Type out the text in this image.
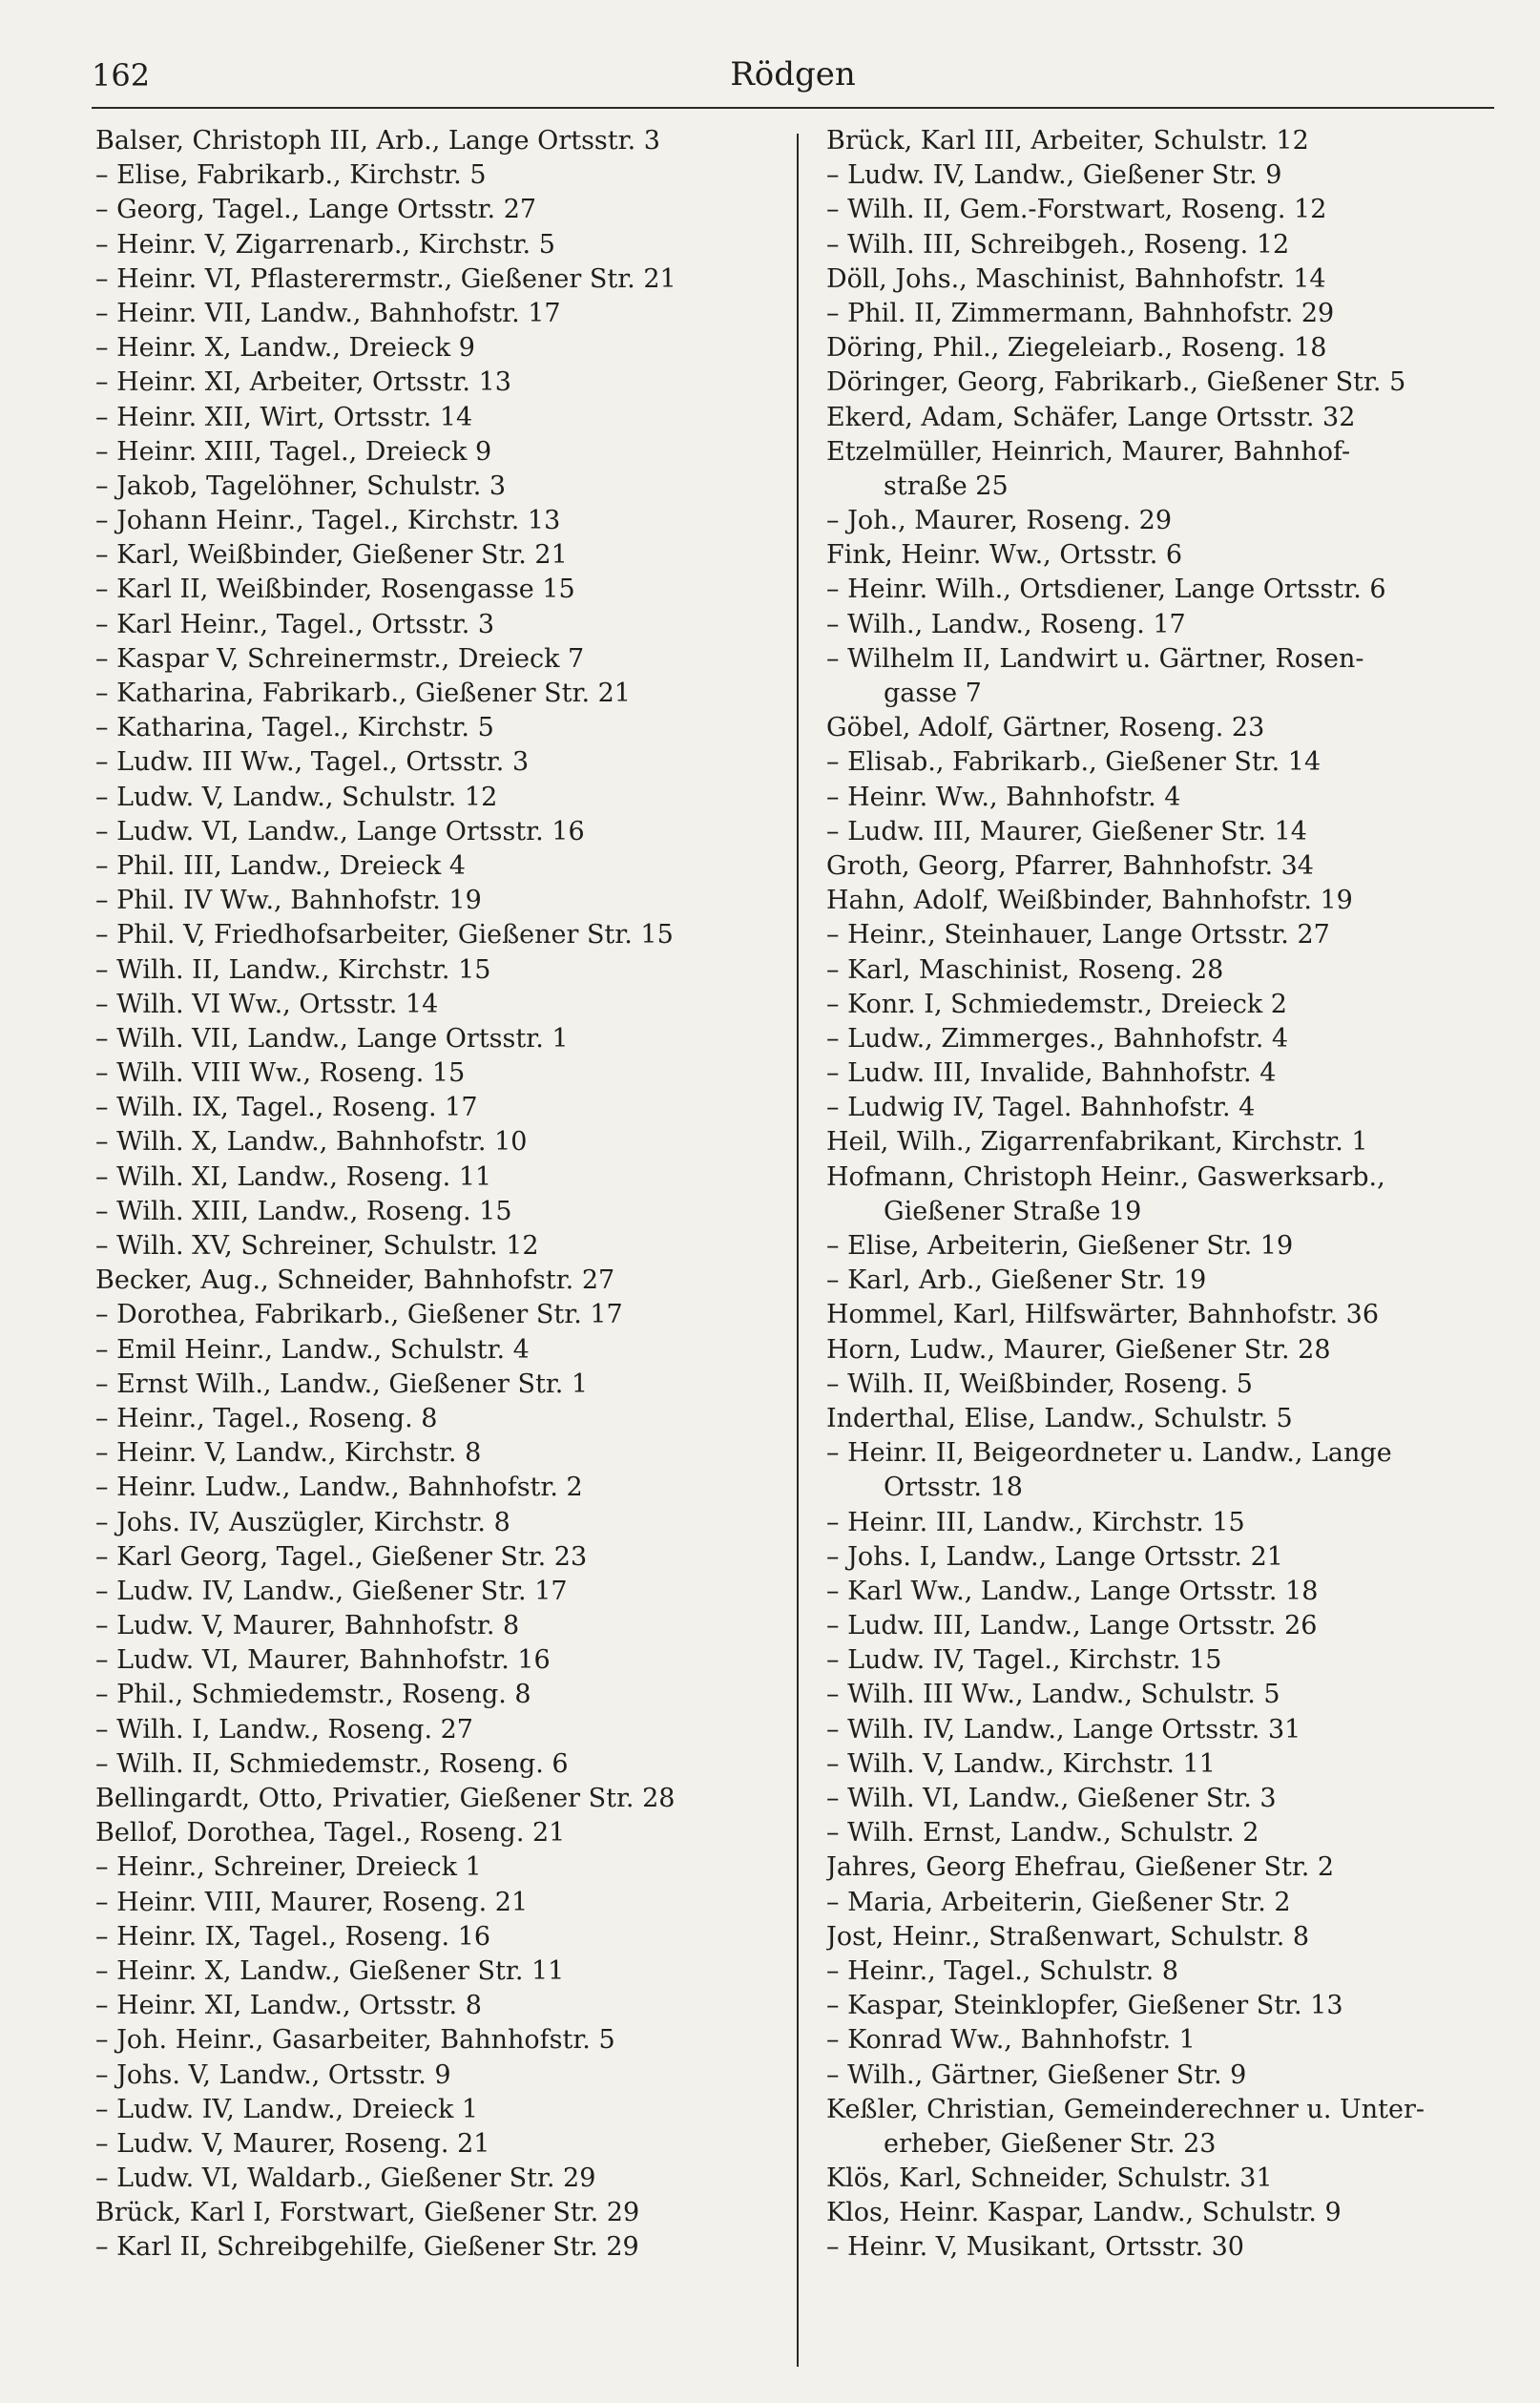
162	Rödgen
Balser, Christoph III, Arb., Lange Ortsstr. 3
– Elise, Fabrikarb., Kirchstr. 5
– Georg, Tagel., Lange Ortsstr. 27
– Heinr. V, Zigarrenarb., Kirchstr. 5
– Heinr. VI, Pflasterermstr., Gießener Str. 21
– Heinr. VII, Landw., Bahnhofstr. 17
– Heinr. X, Landw., Dreieck 9
– Heinr. XI, Arbeiter, Ortsstr. 13
– Heinr. XII, Wirt, Ortsstr. 14
– Heinr. XIII, Tagel., Dreieck 9
– Jakob, Tagelöhner, Schulstr. 3
– Johann Heinr., Tagel., Kirchstr. 13
– Karl, Weißbinder, Gießener Str. 21
– Karl II, Weißbinder, Rosengasse 15
– Karl Heinr., Tagel., Ortsstr. 3
– Kaspar V, Schreinermstr., Dreieck 7
– Katharina, Fabrikarb., Gießener Str. 21
– Katharina, Tagel., Kirchstr. 5
– Ludw. III Ww., Tagel., Ortsstr. 3
– Ludw. V, Landw., Schulstr. 12
– Ludw. VI, Landw., Lange Ortsstr. 16
– Phil. III, Landw., Dreieck 4
– Phil. IV Ww., Bahnhofstr. 19
– Phil. V, Friedhofsarbeiter, Gießener Str. 15
– Wilh. II, Landw., Kirchstr. 15
– Wilh. VI Ww., Ortsstr. 14
– Wilh. VII, Landw., Lange Ortsstr. 1
– Wilh. VIII Ww., Roseng. 15
– Wilh. IX, Tagel., Roseng. 17
– Wilh. X, Landw., Bahnhofstr. 10
– Wilh. XI, Landw., Roseng. 11
– Wilh. XIII, Landw., Roseng. 15
– Wilh. XV, Schreiner, Schulstr. 12
Becker, Aug., Schneider, Bahnhofstr. 27
– Dorothea, Fabrikarb., Gießener Str. 17
– Emil Heinr., Landw., Schulstr. 4
– Ernst Wilh., Landw., Gießener Str. 1
– Heinr., Tagel., Roseng. 8
– Heinr. V, Landw., Kirchstr. 8
– Heinr. Ludw., Landw., Bahnhofstr. 2
– Johs. IV, Auszügler, Kirchstr. 8
– Karl Georg, Tagel., Gießener Str. 23
– Ludw. IV, Landw., Gießener Str. 17
– Ludw. V, Maurer, Bahnhofstr. 8
– Ludw. VI, Maurer, Bahnhofstr. 16
– Phil., Schmiedemstr., Roseng. 8
– Wilh. I, Landw., Roseng. 27
– Wilh. II, Schmiedemstr., Roseng. 6
Bellingardt, Otto, Privatier, Gießener Str. 28
Bellof, Dorothea, Tagel., Roseng. 21
– Heinr., Schreiner, Dreieck 1
– Heinr. VIII, Maurer, Roseng. 21
– Heinr. IX, Tagel., Roseng. 16
– Heinr. X, Landw., Gießener Str. 11
– Heinr. XI, Landw., Ortsstr. 8
– Joh. Heinr., Gasarbeiter, Bahnhofstr. 5
– Johs. V, Landw., Ortsstr. 9
– Ludw. IV, Landw., Dreieck 1
– Ludw. V, Maurer, Roseng. 21
– Ludw. VI, Waldarb., Gießener Str. 29
Brück, Karl I, Forstwart, Gießener Str. 29
– Karl II, Schreibgehilfe, Gießener Str. 29
Brück, Karl III, Arbeiter, Schulstr. 12
– Ludw. IV, Landw., Gießener Str. 9
– Wilh. II, Gem.-Forstwart, Roseng. 12
– Wilh. III, Schreibgeh., Roseng. 12
Döll, Johs., Maschinist, Bahnhofstr. 14
– Phil. II, Zimmermann, Bahnhofstr. 29
Döring, Phil., Ziegeleiarb., Roseng. 18
Döringer, Georg, Fabrikarb., Gießener Str. 5
Ekerd, Adam, Schäfer, Lange Ortsstr. 32
Etzelmüller, Heinrich, Maurer, Bahnhof-
straße 25
– Joh., Maurer, Roseng. 29
Fink, Heinr. Ww., Ortsstr. 6
– Heinr. Wilh., Ortsdiener, Lange Ortsstr. 6
– Wilh., Landw., Roseng. 17
– Wilhelm II, Landwirt u. Gärtner, Rosen-
gasse 7
Göbel, Adolf, Gärtner, Roseng. 23
– Elisab., Fabrikarb., Gießener Str. 14
– Heinr. Ww., Bahnhofstr. 4
– Ludw. III, Maurer, Gießener Str. 14
Groth, Georg, Pfarrer, Bahnhofstr. 34
Hahn, Adolf, Weißbinder, Bahnhofstr. 19
– Heinr., Steinhauer, Lange Ortsstr. 27
– Karl, Maschinist, Roseng. 28
– Konr. I, Schmiedemstr., Dreieck 2
– Ludw., Zimmerges., Bahnhofstr. 4
– Ludw. III, Invalide, Bahnhofstr. 4
– Ludwig IV, Tagel. Bahnhofstr. 4
Heil, Wilh., Zigarrenfabrikant, Kirchstr. 1
Hofmann, Christoph Heinr., Gaswerksarb.,
Gießener Straße 19
– Elise, Arbeiterin, Gießener Str. 19
– Karl, Arb., Gießener Str. 19
Hommel, Karl, Hilfswärter, Bahnhofstr. 36
Horn, Ludw., Maurer, Gießener Str. 28
– Wilh. II, Weißbinder, Roseng. 5
Inderthal, Elise, Landw., Schulstr. 5
– Heinr. II, Beigeordneter u. Landw., Lange
Ortsstr. 18
– Heinr. III, Landw., Kirchstr. 15
– Johs. I, Landw., Lange Ortsstr. 21
– Karl Ww., Landw., Lange Ortsstr. 18
– Ludw. III, Landw., Lange Ortsstr. 26
– Ludw. IV, Tagel., Kirchstr. 15
– Wilh. III Ww., Landw., Schulstr. 5
– Wilh. IV, Landw., Lange Ortsstr. 31
– Wilh. V, Landw., Kirchstr. 11
– Wilh. VI, Landw., Gießener Str. 3
– Wilh. Ernst, Landw., Schulstr. 2
Jahres, Georg Ehefrau, Gießener Str. 2
– Maria, Arbeiterin, Gießener Str. 2
Jost, Heinr., Straßenwart, Schulstr. 8
– Heinr., Tagel., Schulstr. 8
– Kaspar, Steinklopfer, Gießener Str. 13
– Konrad Ww., Bahnhofstr. 1
– Wilh., Gärtner, Gießener Str. 9
Keßler, Christian, Gemeinderechner u. Unter-
erheber, Gießener Str. 23
Klös, Karl, Schneider, Schulstr. 31
Klos, Heinr. Kaspar, Landw., Schulstr. 9
– Heinr. V, Musikant, Ortsstr. 30
